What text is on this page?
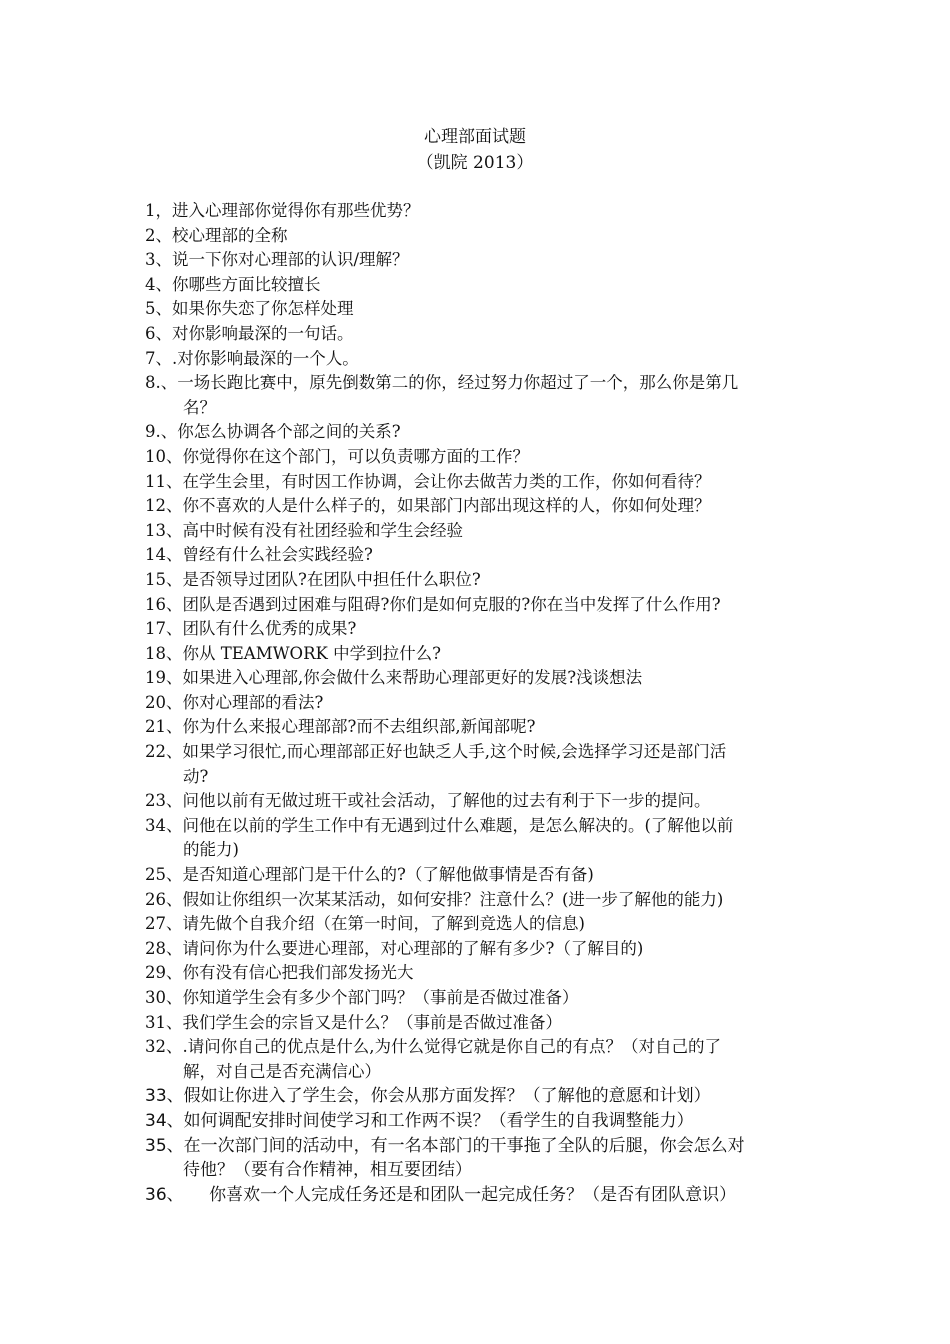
心理部面试题
（凯院 2013）
1，进入心理部你觉得你有那些优势？
2、校心理部的全称
3、说一下你对心理部的认识/理解？
4、你哪些方面比较擅长
5、如果你失恋了你怎样处理
6、对你影响最深的一句话。
7、.对你影响最深的一个人。
8.、一场长跑比赛中，原先倒数第二的你，经过努力你超过了一个，那么你是第几
名？
9.、你怎么协调各个部之间的关系?
10、你觉得你在这个部门，可以负责哪方面的工作？
11、在学生会里，有时因工作协调，会让你去做苦力类的工作，你如何看待？
12、你不喜欢的人是什么样子的，如果部门内部出现这样的人，你如何处理？
13、高中时候有没有社团经验和学生会经验
14、曾经有什么社会实践经验?
15、是否领导过团队?在团队中担任什么职位?
16、团队是否遇到过困难与阻碍?你们是如何克服的?你在当中发挥了什么作用?
17、团队有什么优秀的成果?
18、你从 TEAMWORK 中学到拉什么?
19、如果进入心理部,你会做什么来帮助心理部更好的发展?浅谈想法
20、你对心理部的看法?
21、你为什么来报心理部部?而不去组织部,新闻部呢?
22、如果学习很忙,而心理部部正好也缺乏人手,这个时候,会选择学习还是部门活
动?
23、问他以前有无做过班干或社会活动，了解他的过去有利于下一步的提问。
34、问他在以前的学生工作中有无遇到过什么难题，是怎么解决的。(了解他以前
的能力)
25、是否知道心理部门是干什么的?（了解他做事情是否有备)
26、假如让你组织一次某某活动，如何安排？注意什么？(进一步了解他的能力)
27、请先做个自我介绍（在第一时间，了解到竞选人的信息)
28、请问你为什么要进心理部，对心理部的了解有多少?（了解目的)
29、你有没有信心把我们部发扬光大
30、你知道学生会有多少个部门吗？（事前是否做过准备）
31、我们学生会的宗旨又是什么？（事前是否做过准备）
32、.请问你自己的优点是什么,为什么觉得它就是你自己的有点？（对自己的了
解，对自己是否充满信心）
33、假如让你进入了学生会，你会从那方面发挥？（了解他的意愿和计划）
34、如何调配安排时间使学习和工作两不误？（看学生的自我调整能力）
35、在一次部门间的活动中，有一名本部门的干事拖了全队的后腿，你会怎么对
待他？（要有合作精神，相互要团结）
36、　　你喜欢一个人完成任务还是和团队一起完成任务？（是否有团队意识）
